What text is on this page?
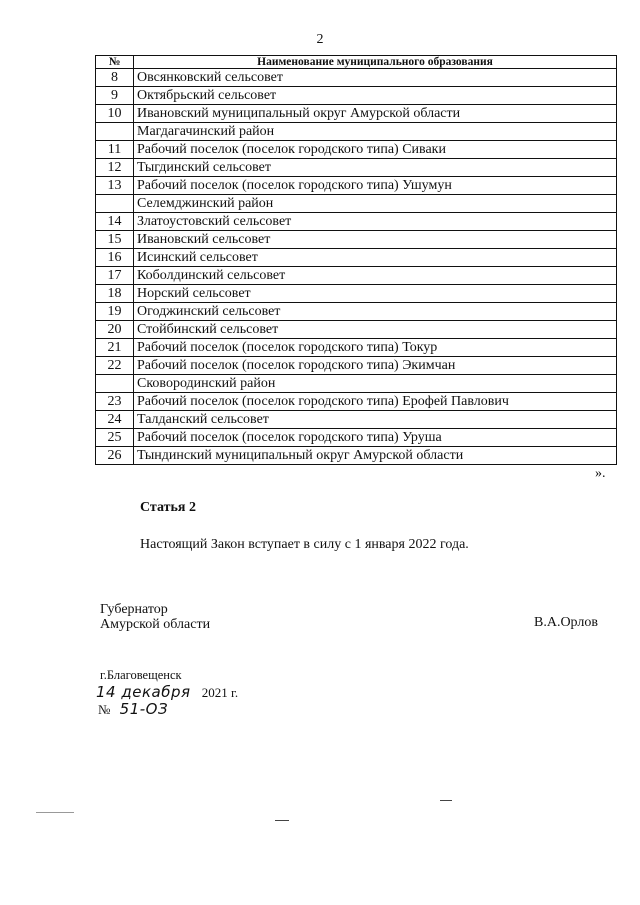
2
№	Наименование муниципального образования
8	Овсянковский сельсовет
9	Октябрьский сельсовет
10	Ивановский муниципальный округ Амурской области
	Магдагачинский район
11	Рабочий поселок (поселок городского типа) Сиваки
12	Тыгдинский сельсовет
13	Рабочий поселок (поселок городского типа) Ушумун
	Селемджинский район
14	Златоустовский сельсовет
15	Ивановский сельсовет
16	Исинский сельсовет
17	Коболдинский сельсовет
18	Норский сельсовет
19	Огоджинский сельсовет
20	Стойбинский сельсовет
21	Рабочий поселок (поселок городского типа) Токур
22	Рабочий поселок (поселок городского типа) Экимчан
	Сковородинский район
23	Рабочий поселок (поселок городского типа) Ерофей Павлович
24	Талданский сельсовет
25	Рабочий поселок (поселок городского типа) Уруша
26	Тындинский муниципальный округ Амурской области
».
Статья 2
Настоящий Закон вступает в силу с 1 января 2022 года.
Губернатор
Амурской области	В.А.Орлов
г.Благовещенск
14 декабря 2021 г.
№ 51-ОЗ
